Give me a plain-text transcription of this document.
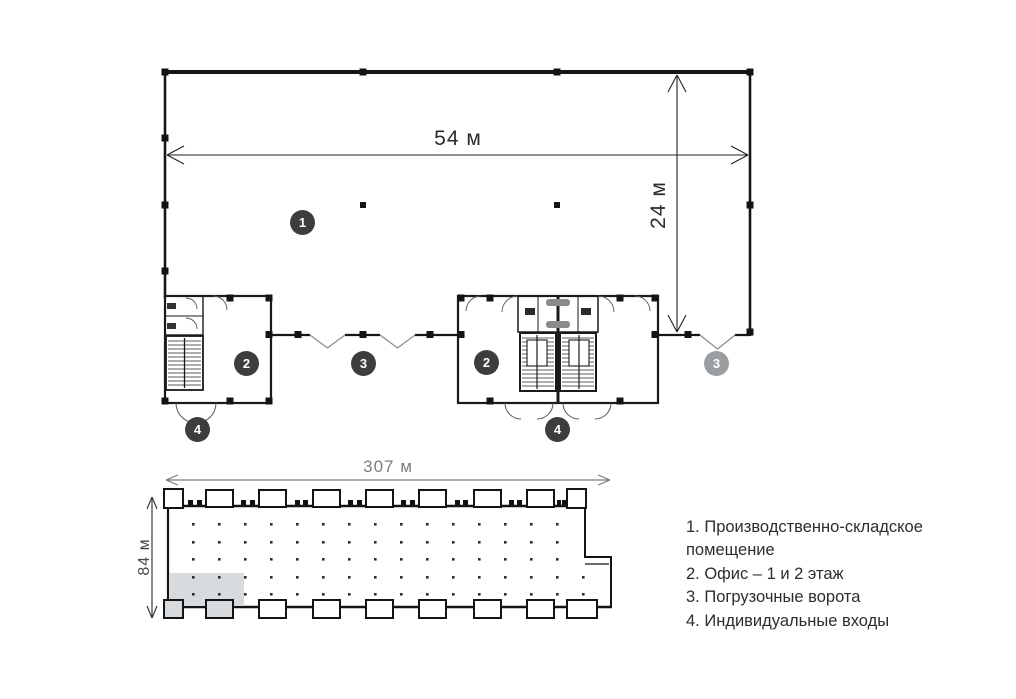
54 м
24 м
307 м
84 м
1
2	3	2
4	4
3
1. Производственно-складское помещение
2. Офис – 1 и 2 этаж
3. Погрузочные ворота
4. Индивидуальные входы
